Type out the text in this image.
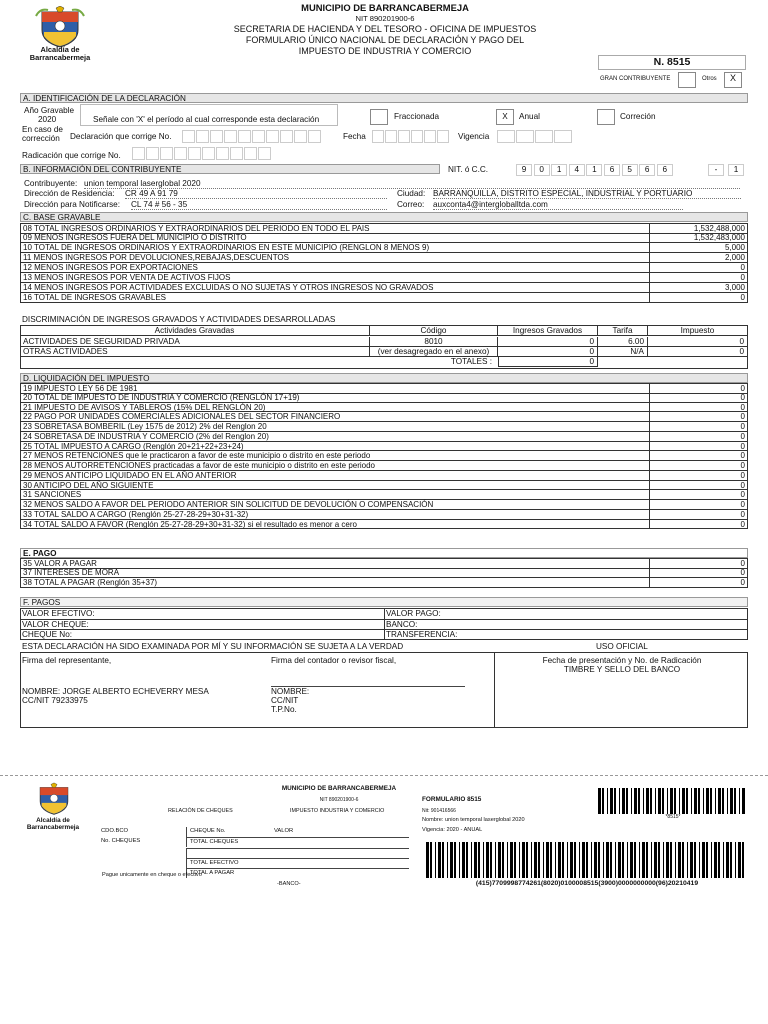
Alcaldía de Barrancabermeja
MUNICIPIO DE BARRANCABERMEJA
NIT 890201900-6
SECRETARIA DE HACIENDA Y DEL TESORO - OFICINA DE IMPUESTOS
FORMULARIO ÚNICO NACIONAL DE DECLARACIÓN Y PAGO DEL
IMPUESTO DE INDUSTRIA Y COMERCIO
N. 8515
GRAN CONTRIBUYENTE	Otros	X
A. IDENTIFICACIÓN DE LA DECLARACIÓN
Año Gravable
2020	Señale con 'X' el período al cual corresponde esta declaración	Fraccionada	X	Anual	Correción
En caso de
corrección Declaración que corrige No.	Fecha	Vigencia
Radicación que corrige No.
B. INFORMACIÓN DEL CONTRIBUYENTE	NIT. ó C.C.	9	0	1	4	1	6	5	6	6	-	1
Contribuyente: union temporal laserglobal 2020
Dirección de Residencia: CR 49 A 91 79	Ciudad: BARRANQUILLA, DISTRITO ESPECIAL, INDUSTRIAL Y PORTUARIO
Dirección para Notificarse: CL 74 # 56 - 35	Correo: auxconta4@intergloballtda.com
C. BASE GRAVABLE
08 TOTAL INGRESOS ORDINARIOS Y EXTRAORDINARIOS DEL PERIODO EN TODO EL PAIS	1,532,488,000
09 MENOS INGRESOS FUERA DEL MUNICIPIO O DISTRITO	1,532,483,000
10 TOTAL DE INGRESOS ORDINARIOS Y EXTRAORDINARIOS EN ESTE MUNICIPIO (RENGLON 8 MENOS 9)	5,000
11 MENOS INGRESOS POR DEVOLUCIONES,REBAJAS,DESCUENTOS	2,000
12 MENOS INGRESOS POR EXPORTACIONES	0
13 MENOS INGRESOS POR VENTA DE ACTIVOS FIJOS	0
14 MENOS INGRESOS POR ACTIVIDADES EXCLUIDAS O NO SUJETAS Y OTROS INGRESOS NO GRAVADOS	3,000
16 TOTAL DE INGRESOS GRAVABLES	0
DISCRIMINACIÓN DE INGRESOS GRAVADOS Y ACTIVIDADES DESARROLLADAS
Actividades Gravadas	Código	Ingresos Gravados	Tarifa	Impuesto
ACTIVIDADES DE SEGURIDAD PRIVADA	8010	0	6.00	0
OTRAS ACTIVIDADES	(ver desagregado en el anexo)	0	N/A	0
TOTALES :	0
D. LIQUIDACIÓN DEL IMPUESTO
19 IMPUESTO LEY 56 DE 1981	0
20 TOTAL DE IMPUESTO DE INDUSTRIA Y COMERCIO (RENGLÓN 17+19)	0
21 IMPUESTO DE AVISOS Y TABLEROS (15% DEL RENGLÓN 20)	0
22 PAGO POR UNIDADES COMERCIALES ADICIONALES DEL SECTOR FINANCIERO	0
23 SOBRETASA BOMBERIL (Ley 1575 de 2012) 2% del Renglon 20	0
24 SOBRETASA DE INDUSTRIA Y COMERCIO (2% del Renglon 20)	0
25 TOTAL IMPUESTO A CARGO (Renglón 20+21+22+23+24)	0
27 MENOS RETENCIONES que le practicaron a favor de este municipio o distrito en este periodo	0
28 MENOS AUTORRETENCIONES practicadas a favor de este municipio o distrito en este periodo	0
29 MENOS ANTICIPO LIQUIDADO EN EL AÑO ANTERIOR	0
30 ANTICIPO DEL AÑO SIGUIENTE	0
31 SANCIONES	0
32 MENOS SALDO A FAVOR DEL PERIODO ANTERIOR SIN SOLICITUD DE DEVOLUCIÓN O COMPENSACIÓN	0
33 TOTAL SALDO A CARGO (Renglón 25-27-28-29+30+31-32)	0
34 TOTAL SALDO A FAVOR (Renglón 25-27-28-29+30+31-32) si el resultado es menor a cero	0
E. PAGO
35 VALOR A PAGAR	0
37 INTERESES DE MORA	0
38 TOTAL A PAGAR (Renglón 35+37)	0
F. PAGOS
VALOR EFECTIVO:	VALOR PAGO:
VALOR CHEQUE:	BANCO:
CHEQUE No:	TRANSFERENCIA:
ESTA DECLARACIÓN HA SIDO EXAMINADA POR MÍ Y SU INFORMACIÓN SE SUJETA A LA VERDAD	USO OFICIAL
Firma del representante,	Firma del contador o revisor fiscal,	Fecha de presentación y No. de Radicación
TIMBRE Y SELLO DEL BANCO
NOMBRE: JORGE ALBERTO ECHEVERRY MESA
CC/NIT 79233975
NOMBRE:
CC/NIT
T.P.No.
Alcaldía de Barrancabermeja
MUNICIPIO DE BARRANCABERMEJA
NIT 890201900-6
RELACIÓN DE CHEQUES	IMPUESTO INDUSTRIA Y COMERCIO
FORMULARIO 8515
Nit: 901416566
Nombre: union temporal laserglobal 2020
Vigencia: 2020 - ANUAL
*8515*
CDO.BCO	CHEQUE No.	VALOR
No. CHEQUES	TOTAL CHEQUES
TOTAL EFECTIVO
TOTAL A PAGAR
Pague unicamente en cheque o efectivo
-BANCO-	(415)7709998774261(8020)0100008515(3900)0000000000(96)20210419
